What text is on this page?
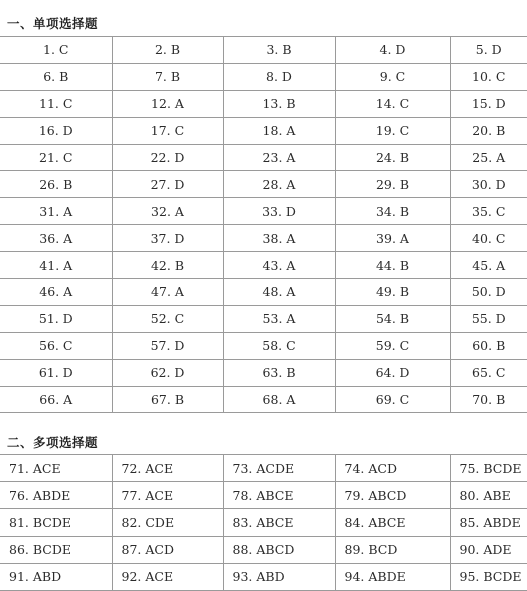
一、单项选择题
1. C	2. B	3. B	4. D	5. D
6. B	7. B	8. D	9. C	10. C
11. C	12. A	13. B	14. C	15. D
16. D	17. C	18. A	19. C	20. B
21. C	22. D	23. A	24. B	25. A
26. B	27. D	28. A	29. B	30. D
31. A	32. A	33. D	34. B	35. C
36. A	37. D	38. A	39. A	40. C
41. A	42. B	43. A	44. B	45. A
46. A	47. A	48. A	49. B	50. D
51. D	52. C	53. A	54. B	55. D
56. C	57. D	58. C	59. C	60. B
61. D	62. D	63. B	64. D	65. C
66. A	67. B	68. A	69. C	70. B
二、多项选择题
71. ACE	72. ACE	73. ACDE	74. ACD	75. BCDE
76. ABDE	77. ACE	78. ABCE	79. ABCD	80. ABE
81. BCDE	82. CDE	83. ABCE	84. ABCE	85. ABDE
86. BCDE	87. ACD	88. ABCD	89. BCD	90. ADE
91. ABD	92. ACE	93. ABD	94. ABDE	95. BCDE
